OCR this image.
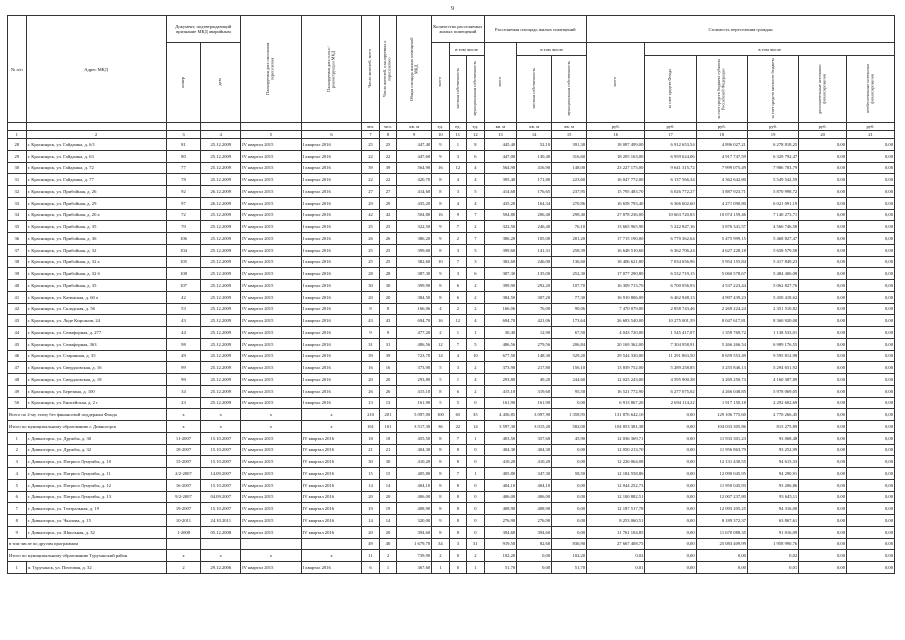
9
№ п/п	Адрес МКД	Документ, подтверждающий признание МКД аварийным		Планируемая дата окончания переселения	Планируемая дата сноса / реконструкции МКД	Число жителей, всего	Число жителей, планируемых к переселению	Общая площадь жилых помещений МКД	Количество расселяемых жилых помещений			Расселяемая площадь жилых помещений			Стоимость переселения граждан					
		номер	дата						всего	в том числе		всего	в том числе		всего	в том числе				
										частная собственность	муниципальная собственность		частная собственность	муниципальная собственность		за счет средств Фонда	за счет средств бюджета субъекта Российской Федерации	за счет средств местного бюджета	дополнительные источники финансирования	необеспеченные источники финансирования
						чел.	чел.	кв. м	ед.	ед.	ед.	кв. м	кв. м	кв. м	руб.	руб.	руб.	руб.	руб.	руб.
1	2	3	4	5	6	7	8	9	10	11	12	13	14	15	16	17	18	19	20	21
28	г. Красноярск, ул. Гайдашка, д. 6/1	81	25.12.2009	IV квартал 2015	I квартал 2016	25	25	447,40	9	1	8	445,40	52,10	391,30	18 087 499,00	6 912 653,54	4 896 027,21	6 278 818,25	0,00	0,00
29	г. Красноярск, ул. Гайдашка, д. 63	80	25.12.2009	IV квартал 2015	I квартал 2016	22	22	447,60	9	3	6	447,00	130,40	316,60	18 205 163,00	6 959 624,06	4 917 747,59	6 329 792,47	0,00	0,00
30	г. Красноярск, ул. Гайдашка, д. 72	77	25.12.2009	IV квартал 2015	I квартал 2016	39	39	564,90	16	12	4	564,90	416,90	148,00	23 227 175,00	9 641 315,72	7 999 075,49	7 986 783,79	0,00	0,00
31	г. Красноярск, ул. Гайдашка, д. 77	78	25.12.2009	IV квартал 2015	I квартал 2016	22	22	420,70	8	4	4	395,40	171,80	223,60	16 047 772,00	6 137 566,34	4 362 642,80	5 549 542,59	0,00	0,00
32	г. Красноярск, ул. Прибойная, д. 26	92	26.12.2009	IV квартал 2015	I квартал 2016	27	27	414,60	8	3	5	414,60	176,65	237,95	15 795 483,70	6 026 772,27	3 887 923,71	5 870 998,72	0,00	0,00
33	г. Красноярск, ул. Прибойная, д. 29	97	26.12.2009	IV квартал 2015	I квартал 2016	29	29	435,20	8	4	4	435,20	164,34	270,86	16 658 793,40	6 366 602,60	4 271 090,80	6 021 091,19	0,00	0,00
34	г. Красноярск, ул. Прибойная, д. 20 а	72	25.12.2009	IV квартал 2015	I квартал 2016	42	42	504,80	16	9	7	504,80	206,40	298,40	27 878 236,00	10 663 720,83	10 074 159,46	7 140 273,71	0,00	0,00
35	г. Красноярск, ул. Прибойная, д. 35	70	25.12.2009	IV квартал 2015	I квартал 2016	25	25	322,50	9	7	2	322,50	246,40	76,10	13 665 965,90	5 222 847,16	3 876 341,57	4 566 746,58	0,00	0,00
36	г. Красноярск, ул. Прибойная, д. 36	106	25.12.2009	IV квартал 2015	I квартал 2016	26	26	386,20	9	2	7	386,20	105,00	281,20	17 715 190,00	6 770 362,64	5 475 999,15	5 468 827,47	0,00	0,00
37	г. Красноярск, ул. Прибойная, д. 32	104	25.12.2009	IV квартал 2015	I квартал 2016	25	25	399,60	8	3	5	399,60	141,31	258,39	16 648 510,60	6 362 706,24	4 627 228,18	5 658 579,58	0,00	0,00
38	г. Красноярск, ул. Прибойная, д. 32 а	105	25.12.2009	IV квартал 2015	I квартал 2016	25	25	382,60	10	7	3	382,60	246,00	136,60	18 406 621,80	7 034 656,96	5 954 155,84	5 417 849,23	0,00	0,00
39	г. Красноярск, ул. Прибойная, д. 32 б	108	25.12.2009	IV квартал 2015	I квартал 2016	28	28	387,30	9	3	6	387,30	135,00	252,30	17 077 290,80	6 532 719,15	5 060 578,67	5 484 406,08	0,00	0,00
40	г. Красноярск, ул. Прибойная, д. 35	107	25.12.2009	IV квартал 2015	I квартал 2016	30	30	399,90	8	6	2	399,90	292,20	107,70	16 309 713,70	6 700 056,93	4 537 223,44	5 062 827,76	0,00	0,00
41	г. Красноярск, ул. Катинская, д. 60 а	42	25.12.2009	IV квартал 2015	I квартал 2016	20	20	384,50	8	6	2	384,50	307,20	77,30	16 910 806,00	6 462 948,13	4 997 439,23	5 450 418,62	0,00	0,00
42	г. Красноярск, ул. Складская, д. 56	53	25.12.2009	IV квартал 2015	I квартал 2016	8	8	166,06	4	2	2	166,06	76,00	90,06	7 470 079,00	2 858 743,46	2 269 224,24	2 351 510,82	0,00	0,00
43	г. Красноярск, ул. Лиде Кирсанов, 24	43	25.12.2009	IV квартал 2015	I квартал 2016	43	43	694,70	16	12	4	694,70	421,06	173,64	26 683 540,00	10 275 001,59	8 047 617,81	8 360 920,00	0,00	0,00
44	г. Красноярск, ул. Семафорная, д. 277	44	25.12.2009	IV квартал 2015	I квартал 2016	9	9	477,20	2	1	1	30,40	12,90	67,50	4 043 720,00	1 545 417,07	1 359 769,72	1 138 533,01	0,00	0,00
45	г. Красноярск, ул. Семафорная, 363	98	25.12.2009	IV квартал 2015	I квартал 2016	31	31	486,56	12	7	5	486,56	279,56	206,84	20 169 362,00	7 304 958,91	5 266 266,54	6 989 176,55	0,00	0,00
46	г. Красноярск, ул. Старинная, д. 35	49	25.12.2009	IV квартал 2015	I квартал 2016	39	39	723,70	14	4	10	677,50	148,30	529,20	29 544 330,00	11 291 863,50	8 659 553,49	9 595 812,98	0,00	0,00
47	г. Красноярск, ул. Свердловская, д. 16	99	25.12.2009	IV квартал 2015	I квартал 2016	16	16	373,90	5	3	2	373,90	217,80	156,10	13 839 752,00	5 289 258,85	3 255 846,13	5 294 651,92	0,00	0,00
48	г. Красноярск, ул. Свердловская, д. 18	99	25.12.2009	IV квартал 2015	I квартал 2016	20	20	293,80	5	1	4	293,80	49,20	244,60	12 025 243,00	4 595 900,38	3 269 250,73	4 160 387,89	0,00	0,00
49	г. Красноярск, ул. Березина, д. 100	34	25.12.2009	IV квартал 2015	I квартал 2016	26	26	415,10	8	6	2	415,10	319,60	95,50	16 521 772,90	6 277 075,02	4 266 048,85	5 978 069,05	0,00	0,00
50	г. Красноярск, ул. Енисейская, д. 2 г	23	25.12.2009	IV квартал 2015	I квартал 2016	13	13	161,90	5	5	0	161,90	161,90	0,00	6 913 867,20	2 694 114,22	1 917 150,18	2 292 602,69	0,00	0,00
Всего по 2-му этапу без финансовой поддержки Фонда		x	x	x	x	210	201	5 097,00	100	65	35	4 456,85	3 097,90	1 358,95	131 876 642,10	0,00	129 106 775,60	2 770 266,45	0,00	0,00
Итого по муниципальному образованию г. Дивногорск		x	x	x	x	161	161	3 517,30	36	22	14	3 597,30	3 015,20	582,00	104 853 381,38	0,00	104 033 305,86	813 275,89	0,00	0,00
1	г. Дивногорск, ул. Дружбы, д. 30	11-2007	15.10.2007	IV квартал 2015	IV квартал 2016	18	18	455,50	8	7	1	403,50	357,60	45,90	12 036 369,71	0,00	11 933 301,23	93 068,48	0,00	0,00
2	г. Дивногорск, ул. Дружбы, д. 32	18-2007	15.10.2007	IV квартал 2015	IV квартал 2016	21	21	404,30	8	8	0	404,30	404,30	0,00	12 050 213,70	0,00	11 956 863,79	93 252,99	0,00	0,00
3	г. Дивногорск, ул. Патриса Лумумбы, д. 10	15-2007	15.10.2007	IV квартал 2015	IV квартал 2016	30	30	410,20	8	8	0	410,20	410,20	0,00	12 226 064,08	0,00	12 131 430,55	94 615,33	0,00	0,00
4	г. Дивногорск, ул. Патриса Лумумбы, д. 11	2/2-2007	14.09.2007	IV квартал 2015	IV квартал 2016	15	15	405,80	8	7	1	405,80	347,30	58,50	12 184 558,86	0,00	12 090 045,95	94 290,91	0,00	0,00
5	г. Дивногорск, ул. Патриса Лумумбы, д. 12	16-2007	15.10.2007	IV квартал 2015	IV квартал 2016	14	14	404,10	8	8	0	404,10	404,10	0,00	12 044 252,73	0,00	11 950 045,93	93 206,86	0,00	0,00
6	г. Дивногорск, ул. Патриса Лумумбы, д. 13	9/2-2007	04.09.2007	IV квартал 2015	IV квартал 2016	20	20	406,00	8	8	0	406,00	406,00	0,00	12 100 882,51	0,00	12 007 237,80	93 645,11	0,00	0,00
7	г. Дивногорск, ул. Театральная, д. 19	19-2007	15.10.2007	IV квартал 2015	IV квартал 2016	19	19	408,90	8	8	0	408,90	408,90	0,00	12 187 517,78	0,00	12 093 205,25	94 316,00	0,00	0,00
8	г. Дивногорск, ул. Чкалова, д. 15	10-2011	24.10.2011	IV квартал 2015	IV квартал 2016	14	14	320,00	9	8	0	276,90	276,90	0,00	8 253 060,51	0,00	8 189 372,37	63 867,61	0,00	0,00
9	г. Дивногорск, ул. Школьная, д. 32	1-2008	05.12.2008	IV квартал 2015	IV квартал 2016	20	20	394,60	8	8	0	394,60	394,60	0,00	11 761 104,85	0,00	11 670 088,35	91 016,09	0,00	0,00
в том числе по другим программам						49	40	1 679,70	34	3	31	919,50	82,60	836,90	27 667 408,75	0,00	25 083 409,99	1 958 990,76	0,00	0,00
Итого по муниципальному образованию Туруханский район		x	x	x	x	11	2	739,90	2	0	2	102,20	0,00	102,20	0,02	0,00	0,00	0,02	0,00	0,00
1	п. Туруханск, ул. Почтовая, д. 32	2	29.12.2006	IV квартал 2015	I квартал 2016	6	1	367,60	1	0	1	51,70	0,00	51,70	0,01	0,00	0,00	0,01	0,00	0,00
